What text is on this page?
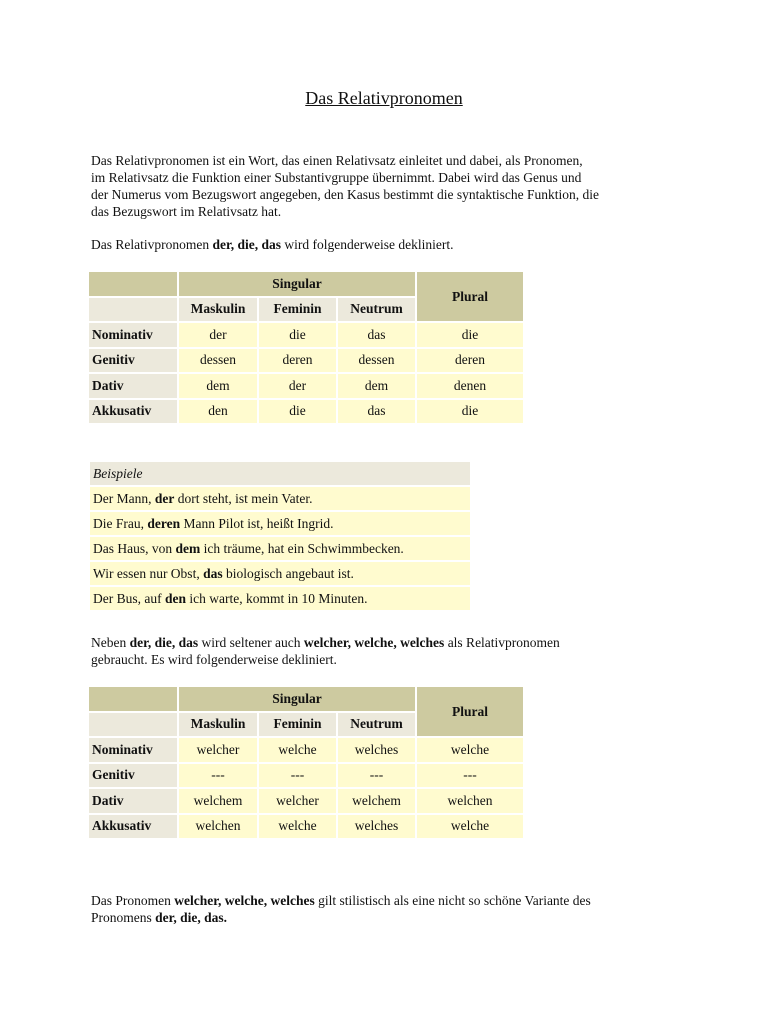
Das Relativpronomen
Das Relativpronomen ist ein Wort, das einen Relativsatz einleitet und dabei, als Pronomen,
im Relativsatz die Funktion einer Substantivgruppe übernimmt. Dabei wird das Genus und
der Numerus vom Bezugswort angegeben, den Kasus bestimmt die syntaktische Funktion, die
das Bezugswort im Relativsatz hat.
Das Relativpronomen der, die, das wird folgenderweise dekliniert.
	Singular			Plural
	Maskulin	Feminin	Neutrum	
Nominativ	der	die	das	die
Genitiv	dessen	deren	dessen	deren
Dativ	dem	der	dem	denen
Akkusativ	den	die	das	die
Beispiele
Der Mann, der dort steht, ist mein Vater.
Die Frau, deren Mann Pilot ist, heißt Ingrid.
Das Haus, von dem ich träume, hat ein Schwimmbecken.
Wir essen nur Obst, das biologisch angebaut ist.
Der Bus, auf den ich warte, kommt in 10 Minuten.
Neben der, die, das wird seltener auch welcher, welche, welches als Relativpronomen
gebraucht. Es wird folgenderweise dekliniert.
	Singular			Plural
	Maskulin	Feminin	Neutrum	
Nominativ	welcher	welche	welches	welche
Genitiv	---	---	---	---
Dativ	welchem	welcher	welchem	welchen
Akkusativ	welchen	welche	welches	welche
Das Pronomen welcher, welche, welches gilt stilistisch als eine nicht so schöne Variante des
Pronomens der, die, das.
